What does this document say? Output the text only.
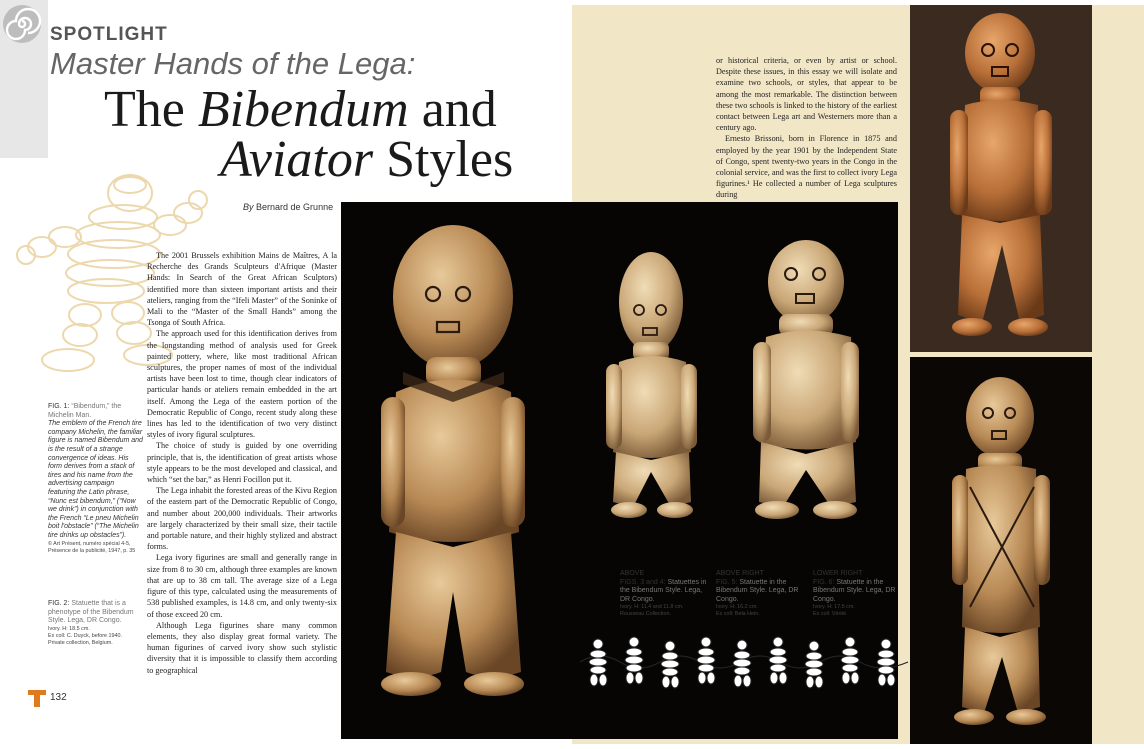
SPOTLIGHT
Master Hands of the Lega:
The Bibendum and
Aviator Styles
By Bernard de Grunne

The 2001 Brussels exhibition Mains de Maîtres, A la Recherche des Grands Sculpteurs d'Afrique (Master Hands: In Search of the Great African Sculptors) identified more than sixteen important artists and their ateliers, ranging from the “Ifeli Master” of the Soninke of Mali to the “Master of the Small Hands” among the Tsonga of South Africa.

The approach used for this identification derives from the longstanding method of analysis used for Greek painted pottery, where, like most traditional African sculptures, the proper names of most of the individual artists have been lost to time, though clear indicators of particular hands or ateliers remain embedded in the art itself. Among the Lega of the eastern portion of the Democratic Republic of Congo, recent study along these lines has led to the identification of two very distinct styles of ivory figural sculptures.

The choice of study is guided by one overriding principle, that is, the identification of great artists whose style appears to be the most developed and classical, and which “set the bar,” as Henri Focillon put it.

The Lega inhabit the forested areas of the Kivu Region of the eastern part of the Democratic Republic of Congo, and number about 200,000 individuals. Their artworks are largely characterized by their small size, their tactile and portable nature, and their highly stylized and abstract forms.

Lega ivory figurines are small and generally range in size from 8 to 30 cm, although three examples are known that are up to 38 cm tall. The average size of a Lega figure of this type, calculated using the measurements of 538 published examples, is 14.8 cm, and only twenty-six of those exceed 20 cm.

Although Lega figurines share many common elements, they also display great formal variety. The human figurines of carved ivory show such stylistic diversity that it is impossible to classify them according to geographical

or historical criteria, or even by artist or school. Despite these issues, in this essay we will isolate and examine two schools, or styles, that appear to be among the most remarkable. The distinction between these two schools is linked to the history of the earliest contact between Lega art and Westerners more than a century ago.

Ernesto Brissoni, born in Florence in 1875 and employed by the year 1901 by the Independent State of Congo, spent twenty-two years in the Congo in the colonial service, and was the first to collect ivory Lega figurines.¹ He collected a number of Lega sculptures during

FIG. 1: “Bibendum,” the Michelin Man.
The emblem of the French tire company Michelin, the familiar figure is named Bibendum and is the result of a strange convergence of ideas. His form derives from a stack of tires and his name from the advertising campaign featuring the Latin phrase, “Nunc est bibendum,” (“Now we drink”) in conjunction with the French “Le pneu Michelin boit l'obstacle” (“The Michelin tire drinks up obstacles”).
© Art Présent, numéro spécial 4-5, Présence de la publicité, 1947, p. 35
FIG. 2: Statuette that is a phenotype of the Bibendum Style. Lega, DR Congo.
Ivory. H: 18.5 cm.
Ex coll: C. Duyck, before 1940.
Private collection, Belgium.
ABOVE
FIGS. 3 and 4: Statuettes in the Bibendum Style. Lega, DR Congo.
Ivory. H: 11.4 and 11.8 cm.
Rousseau Collection.
ABOVE RIGHT
FIG. 5: Statuette in the Bibendum Style. Lega, DR Congo.
Ivory. H: 16.2 cm.
Ex coll: Bela Hein.
LOWER RIGHT
FIG. 6: Statuette in the Bibendum Style. Lega, DR Congo.
Ivory. H: 17.5 cm.
Ex coll: Vérité.
132
